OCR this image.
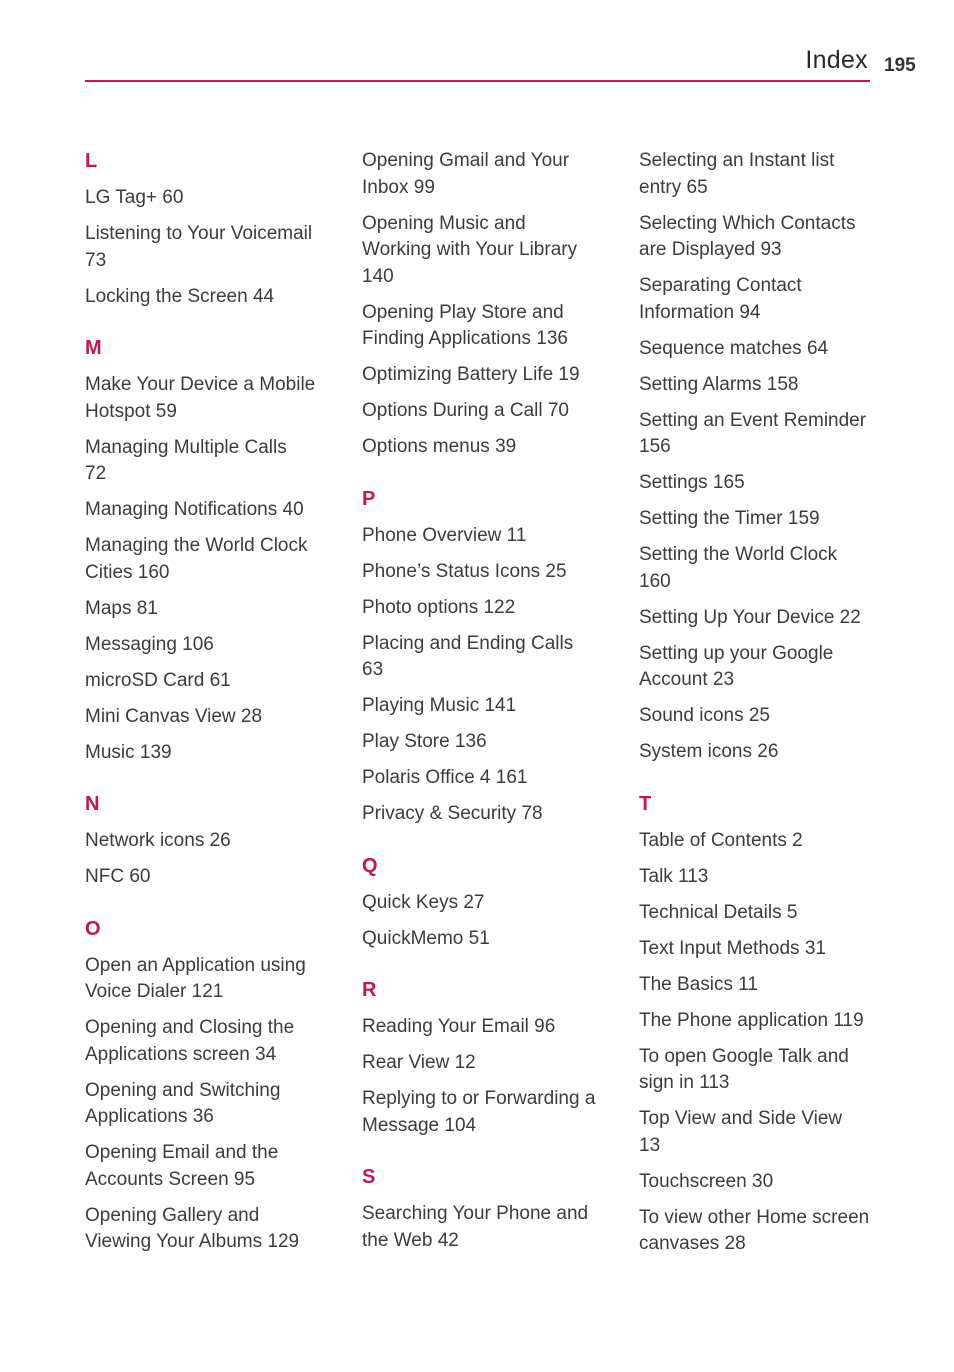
Index 195
L
LG Tag+ 60
Listening to Your Voicemail
73
Locking the Screen 44
M
Make Your Device a Mobile
Hotspot 59
Managing Multiple Calls
72
Managing Notifications 40
Managing the World Clock
Cities 160
Maps 81
Messaging 106
microSD Card 61
Mini Canvas View 28
Music 139
N
Network icons 26
NFC 60
O
Open an Application using
Voice Dialer 121
Opening and Closing the
Applications screen 34
Opening and Switching
Applications 36
Opening Email and the
Accounts Screen 95
Opening Gallery and
Viewing Your Albums 129
Opening Gmail and Your
Inbox 99
Opening Music and
Working with Your Library
140
Opening Play Store and
Finding Applications 136
Optimizing Battery Life 19
Options During a Call 70
Options menus 39
P
Phone Overview 11
Phone’s Status Icons 25
Photo options 122
Placing and Ending Calls
63
Playing Music 141
Play Store 136
Polaris Office 4 161
Privacy & Security 78
Q
Quick Keys 27
QuickMemo 51
R
Reading Your Email 96
Rear View 12
Replying to or Forwarding a
Message 104
S
Searching Your Phone and
the Web 42
Selecting an Instant list
entry 65
Selecting Which Contacts
are Displayed 93
Separating Contact
Information 94
Sequence matches 64
Setting Alarms 158
Setting an Event Reminder
156
Settings 165
Setting the Timer 159
Setting the World Clock
160
Setting Up Your Device 22
Setting up your Google
Account 23
Sound icons 25
System icons 26
T
Table of Contents 2
Talk 113
Technical Details 5
Text Input Methods 31
The Basics 11
The Phone application 119
To open Google Talk and
sign in 113
Top View and Side View
13
Touchscreen 30
To view other Home screen
canvases 28
